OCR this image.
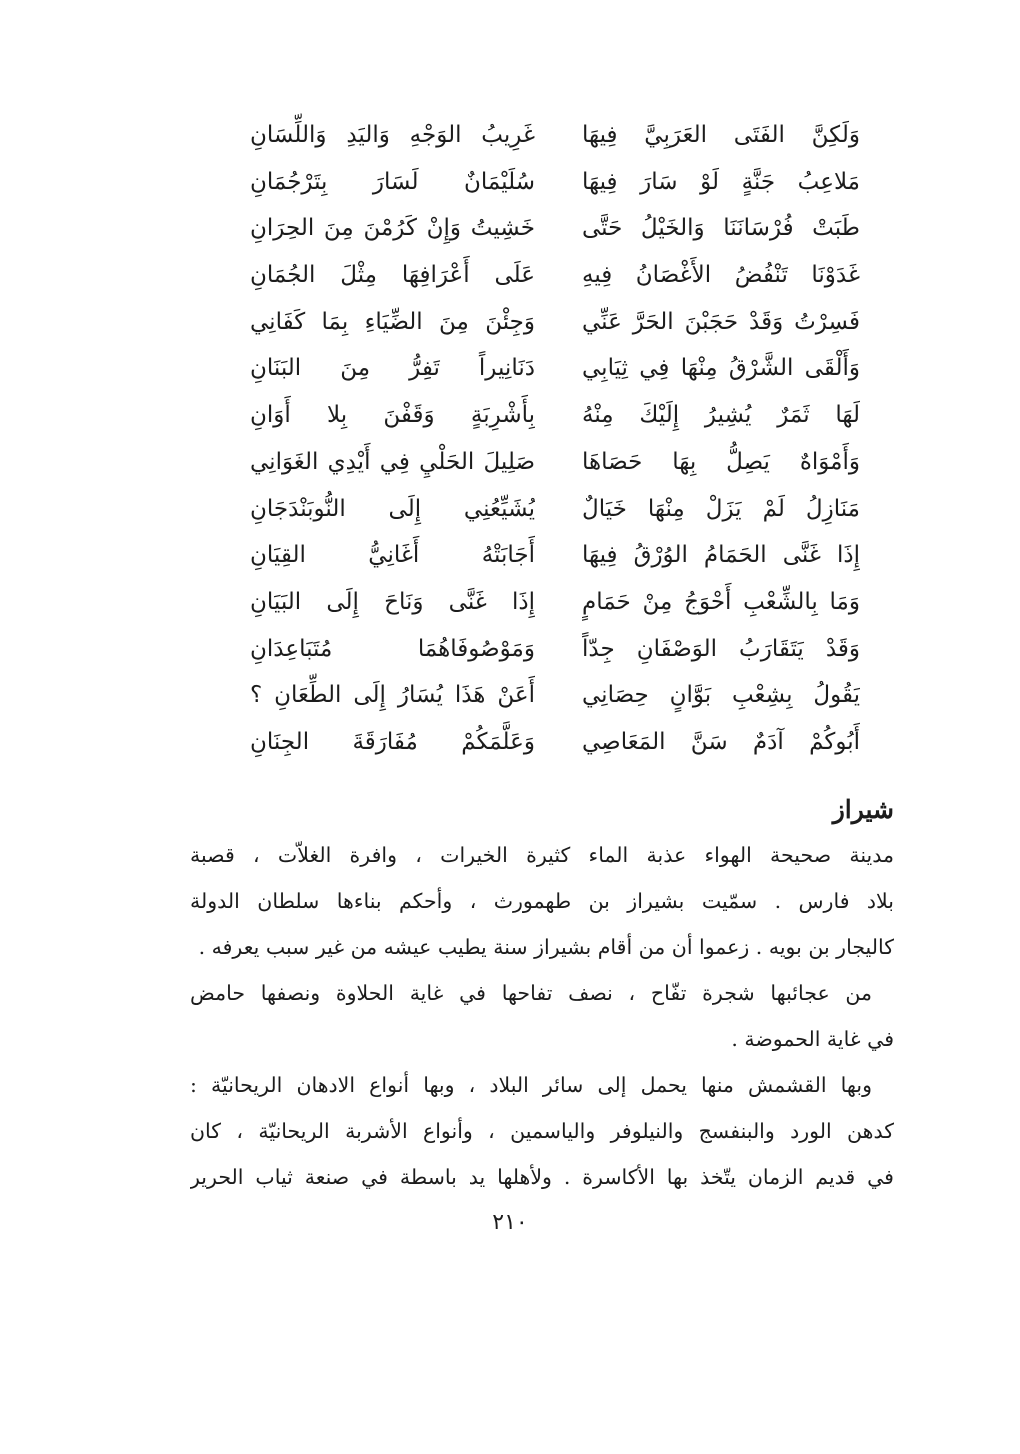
وَلَكِنَّ الفَتَى العَرَبِيَّ فِيهَا
غَرِيبُ الوَجْهِ وَاليَدِ وَاللِّسَانِ
مَلاعِبُ جَنَّةٍ لَوْ سَارَ فِيهَا
سُلَيْمَانٌ لَسَارَ بِتَرْجُمَانِ
طَبَتْ فُرْسَانَنَا وَالخَيْلُ حَتَّى
خَشِيتُ وَإِنْ كَرُمْنَ مِنَ الحِرَانِ
غَدَوْنَا تَنْفُضُ الأَغْصَانُ فِيهِ
عَلَى أَعْرَافِهَا مِثْلَ الجُمَانِ
فَسِرْتُ وَقَدْ حَجَبْنَ الحَرَّ عَنِّي
وَجِئْنَ مِنَ الضِّيَاءِ بِمَا كَفَانِي
وَأَلْقَى الشَّرْقُ مِنْهَا فِي ثِيَابِي
دَنَانِيراً تَفِرُّ مِنَ البَنَانِ
لَهَا ثَمَرٌ يُشِيرُ إِلَيْكَ مِنْهُ
بِأَشْرِبَةٍ وَقَفْنَ بِلا أَوَانِ
وَأَمْوَاهٌ يَصِلُّ بِهَا حَصَاهَا
صَلِيلَ الحَلْيِ فِي أَيْدِي الغَوَانِي
مَنَازِلُ لَمْ يَزَلْ مِنْهَا خَيَالٌ
يُشَيِّعُنِي إِلَى النُّوبَنْدَجَانِ
إِذَا غَنَّى الحَمَامُ الوُرْقُ فِيهَا
أَجَابَتْهُ أَغَانِيُّ القِيَانِ
وَمَا بِالشِّعْبِ أَحْوَجُ مِنْ حَمَامٍ
إِذَا غَنَّى وَنَاحَ إِلَى البَيَانِ
وَقَدْ يَتَقَارَبُ الوَصْفَانِ جِدّاً
وَمَوْصُوفَاهُمَا مُتَبَاعِدَانِ
يَقُولُ بِشِعْبِ بَوَّانٍ حِصَانِي
أَعَنْ هَذَا يُسَارُ إِلَى الطِّعَانِ ؟
أَبُوكُمْ آدَمٌ سَنَّ المَعَاصِي
وَعَلَّمَكُمْ مُفَارَقَةَ الجِنَانِ
شيراز
مدينة صحيحة الهواء عذبة الماء كثيرة الخيرات ، وافرة الغلاّت ، قصبة
بلاد فارس . سمّيت بشيراز بن طهمورث ، وأحكم بناءها سلطان الدولة
كاليجار بن بويه . زعموا أن من أقام بشيراز سنة يطيب عيشه من غير سبب يعرفه .
من عجائبها شجرة تفّاح ، نصف تفاحها في غاية الحلاوة ونصفها حامض
في غاية الحموضة .
وبها القشمش منها يحمل إلى سائر البلاد ، وبها أنواع الادهان الريحانيّة :
كدهن الورد والبنفسج والنيلوفر والياسمين ، وأنواع الأشربة الريحانيّة ، كان
في قديم الزمان يتّخذ بها الأكاسرة . ولأهلها يد باسطة في صنعة ثياب الحرير
٢١٠
